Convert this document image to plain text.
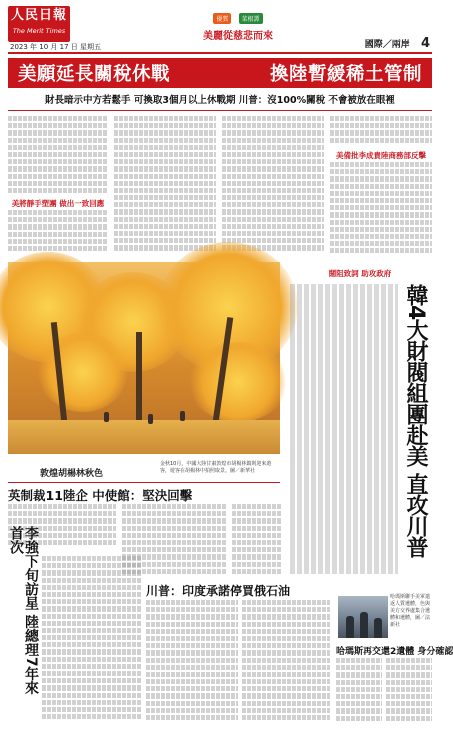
人民日報
The Merit Times
優質 菜根譚
美麗從慈悲而來
2023 年 10 月 17 日 星期五	國際／兩岸 4
美願延長關稅休戰	換陸暫緩稀土管制
財長暗示中方若鬆手 可換取3個月以上休戰期 川普：沒100%關稅 不會被放在眼裡
美將靜手塑團 做出一致回應
美備批李成貴陸商務部反擊
敦煌胡楊林秋色
金秋10月，中國大陸甘肅敦煌市胡楊林鎮則迎來遊客，遊客在胡楊林中拍照取景。圖／新華社
闊阻致詞 助攻政府
韓4大財閥組團赴美 直攻川普
英制裁11陸企 中使館：堅決回擊
李強下旬訪星 陸總理7年來首次
川普：印度承諾停買俄石油	哈瑪斯聯手美軍遣返人質遺體，色與美方交界處集合遺體和遺體，圖／法新社
哈瑪斯再交還2遺體 身分確認
